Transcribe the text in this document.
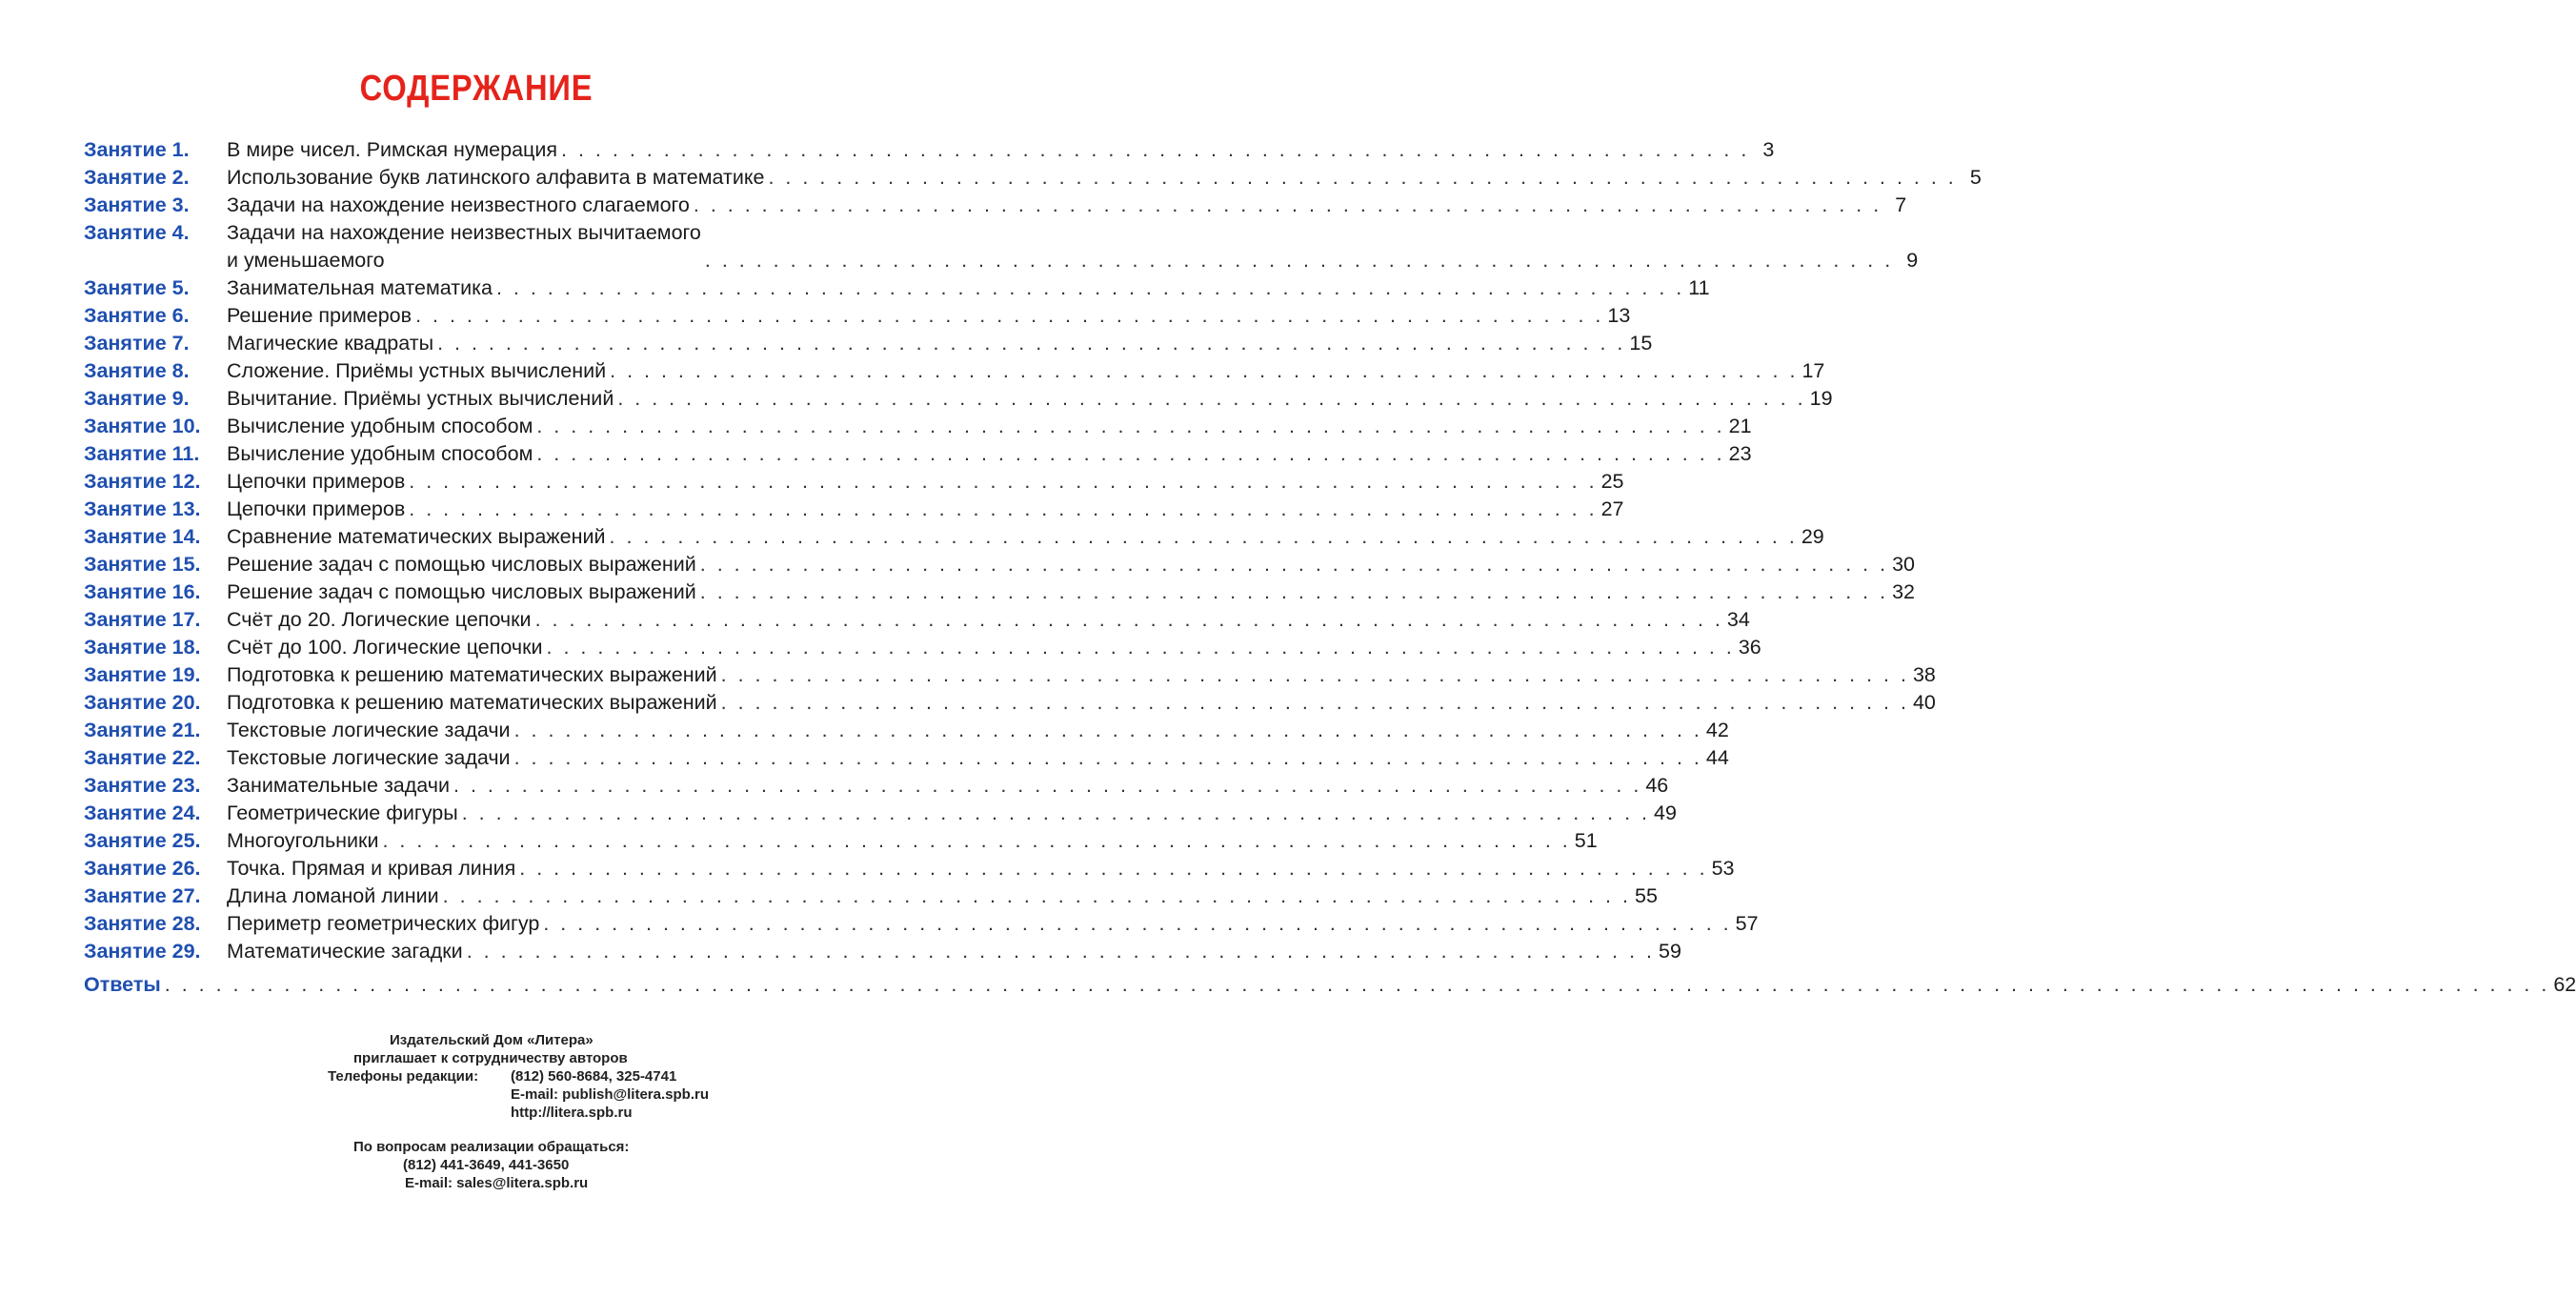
СОДЕРЖАНИЕ
Занятие 1.	В мире чисел. Римская нумерация . . . . . . . . . . . . . . . . . . . . . . . . . . . . . . . . . . . . . . . . . . . . . . . . . . . . . . . . . . . . . . . . . . . . . . 3
Занятие 2.	Использование букв латинского алфавита в математике . . . . . . . . . . . . . . . . . . . . . . . . . . . . . . . . . . . . . . . . . . . . . . . . . . . . . . . . . . . . . . . . . . . . . . 5
Занятие 3.	Задачи на нахождение неизвестного слагаемого . . . . . . . . . . . . . . . . . . . . . . . . . . . . . . . . . . . . . . . . . . . . . . . . . . . . . . . . . . . . . . . . . . . . . . 7
Занятие 4.	Задачи на нахождение неизвестных вычитаемого
и уменьшаемого	. . . . . . . . . . . . . . . . . . . . . . . . . . . . . . . . . . . . . . . . . . . . . . . . . . . . . . . . . . . . . . . . . . . . . . 9
Занятие 5.	Занимательная математика . . . . . . . . . . . . . . . . . . . . . . . . . . . . . . . . . . . . . . . . . . . . . . . . . . . . . . . . . . . . . . . . . . . . . . 11
Занятие 6.	Решение примеров . . . . . . . . . . . . . . . . . . . . . . . . . . . . . . . . . . . . . . . . . . . . . . . . . . . . . . . . . . . . . . . . . . . . . . 13
Занятие 7.	Магические квадраты . . . . . . . . . . . . . . . . . . . . . . . . . . . . . . . . . . . . . . . . . . . . . . . . . . . . . . . . . . . . . . . . . . . . . . 15
Занятие 8.	Сложение. Приёмы устных вычислений . . . . . . . . . . . . . . . . . . . . . . . . . . . . . . . . . . . . . . . . . . . . . . . . . . . . . . . . . . . . . . . . . . . . . . 17
Занятие 9.	Вычитание. Приёмы устных вычислений . . . . . . . . . . . . . . . . . . . . . . . . . . . . . . . . . . . . . . . . . . . . . . . . . . . . . . . . . . . . . . . . . . . . . . 19
Занятие 10.	Вычисление удобным способом . . . . . . . . . . . . . . . . . . . . . . . . . . . . . . . . . . . . . . . . . . . . . . . . . . . . . . . . . . . . . . . . . . . . . . 21
Занятие 11.	Вычисление удобным способом . . . . . . . . . . . . . . . . . . . . . . . . . . . . . . . . . . . . . . . . . . . . . . . . . . . . . . . . . . . . . . . . . . . . . . 23
Занятие 12.	Цепочки примеров . . . . . . . . . . . . . . . . . . . . . . . . . . . . . . . . . . . . . . . . . . . . . . . . . . . . . . . . . . . . . . . . . . . . . . 25
Занятие 13.	Цепочки примеров . . . . . . . . . . . . . . . . . . . . . . . . . . . . . . . . . . . . . . . . . . . . . . . . . . . . . . . . . . . . . . . . . . . . . . 27
Занятие 14.	Сравнение математических выражений . . . . . . . . . . . . . . . . . . . . . . . . . . . . . . . . . . . . . . . . . . . . . . . . . . . . . . . . . . . . . . . . . . . . . . 29
Занятие 15.	Решение задач с помощью числовых выражений . . . . . . . . . . . . . . . . . . . . . . . . . . . . . . . . . . . . . . . . . . . . . . . . . . . . . . . . . . . . . . . . . . . . . . 30
Занятие 16.	Решение задач с помощью числовых выражений . . . . . . . . . . . . . . . . . . . . . . . . . . . . . . . . . . . . . . . . . . . . . . . . . . . . . . . . . . . . . . . . . . . . . . 32
Занятие 17.	Счёт до 20. Логические цепочки . . . . . . . . . . . . . . . . . . . . . . . . . . . . . . . . . . . . . . . . . . . . . . . . . . . . . . . . . . . . . . . . . . . . . . 34
Занятие 18.	Счёт до 100. Логические цепочки . . . . . . . . . . . . . . . . . . . . . . . . . . . . . . . . . . . . . . . . . . . . . . . . . . . . . . . . . . . . . . . . . . . . . . 36
Занятие 19.	Подготовка к решению математических выражений . . . . . . . . . . . . . . . . . . . . . . . . . . . . . . . . . . . . . . . . . . . . . . . . . . . . . . . . . . . . . . . . . . . . . . 38
Занятие 20.	Подготовка к решению математических выражений . . . . . . . . . . . . . . . . . . . . . . . . . . . . . . . . . . . . . . . . . . . . . . . . . . . . . . . . . . . . . . . . . . . . . . 40
Занятие 21.	Текстовые логические задачи . . . . . . . . . . . . . . . . . . . . . . . . . . . . . . . . . . . . . . . . . . . . . . . . . . . . . . . . . . . . . . . . . . . . . . 42
Занятие 22.	Текстовые логические задачи . . . . . . . . . . . . . . . . . . . . . . . . . . . . . . . . . . . . . . . . . . . . . . . . . . . . . . . . . . . . . . . . . . . . . . 44
Занятие 23.	Занимательные задачи . . . . . . . . . . . . . . . . . . . . . . . . . . . . . . . . . . . . . . . . . . . . . . . . . . . . . . . . . . . . . . . . . . . . . . 46
Занятие 24.	Геометрические фигуры . . . . . . . . . . . . . . . . . . . . . . . . . . . . . . . . . . . . . . . . . . . . . . . . . . . . . . . . . . . . . . . . . . . . . . 49
Занятие 25.	Многоугольники . . . . . . . . . . . . . . . . . . . . . . . . . . . . . . . . . . . . . . . . . . . . . . . . . . . . . . . . . . . . . . . . . . . . . . 51
Занятие 26.	Точка. Прямая и кривая линия . . . . . . . . . . . . . . . . . . . . . . . . . . . . . . . . . . . . . . . . . . . . . . . . . . . . . . . . . . . . . . . . . . . . . . 53
Занятие 27.	Длина ломаной линии . . . . . . . . . . . . . . . . . . . . . . . . . . . . . . . . . . . . . . . . . . . . . . . . . . . . . . . . . . . . . . . . . . . . . . 55
Занятие 28.	Периметр геометрических фигур . . . . . . . . . . . . . . . . . . . . . . . . . . . . . . . . . . . . . . . . . . . . . . . . . . . . . . . . . . . . . . . . . . . . . . 57
Занятие 29.	Математические загадки . . . . . . . . . . . . . . . . . . . . . . . . . . . . . . . . . . . . . . . . . . . . . . . . . . . . . . . . . . . . . . . . . . . . . . 59
Ответы . . . . . . . . . . . . . . . . . . . . . . . . . . . . . . . . . . . . . . . . . . . . . . . . . . . . . . . . . . . . . . . . . . . . . . . . . . . . . . . . . . . . . . . . . . . . . . . . . . . . . . . . . . . . . . . . . . . . . . . . . . . . . . . . . . . . . . . . . . . . 62
Издательский Дом «Литера»
приглашает к сотрудничеству авторов
Телефоны редакции: (812) 560-8684, 325-4741
E-mail: publish@litera.spb.ru
http://litera.spb.ru
По вопросам реализации обращаться:
(812) 441-3649, 441-3650
E-mail: sales@litera.spb.ru
